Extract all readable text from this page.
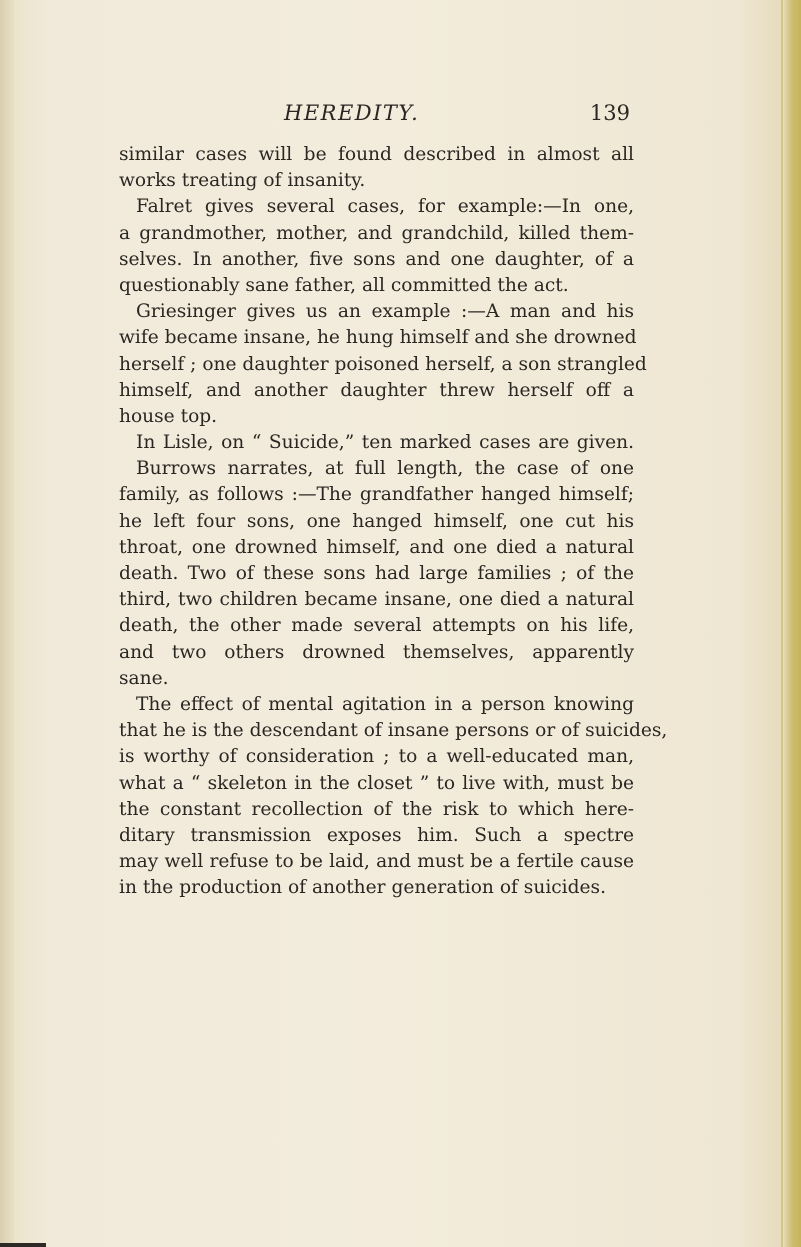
HEREDITY.	139
similar cases will be found described in almost all
works treating of insanity.
Falret gives several cases, for example:—In one,
a grandmother, mother, and grandchild, killed them-
selves. In another, five sons and one daughter, of a
questionably sane father, all committed the act.
Griesinger gives us an example :—A man and his
wife became insane, he hung himself and she drowned
herself ; one daughter poisoned herself, a son strangled
himself, and another daughter threw herself off a
house top.
In Lisle, on “ Suicide,” ten marked cases are given.
Burrows narrates, at full length, the case of one
family, as follows :—The grandfather hanged himself;
he left four sons, one hanged himself, one cut his
throat, one drowned himself, and one died a natural
death. Two of these sons had large families ; of the
third, two children became insane, one died a natural
death, the other made several attempts on his life,
and two others drowned themselves, apparently
sane.
The effect of mental agitation in a person knowing
that he is the descendant of insane persons or of suicides,
is worthy of consideration ; to a well-educated man,
what a “ skeleton in the closet ” to live with, must be
the constant recollection of the risk to which here-
ditary transmission exposes him. Such a spectre
may well refuse to be laid, and must be a fertile cause
in the production of another generation of suicides.
